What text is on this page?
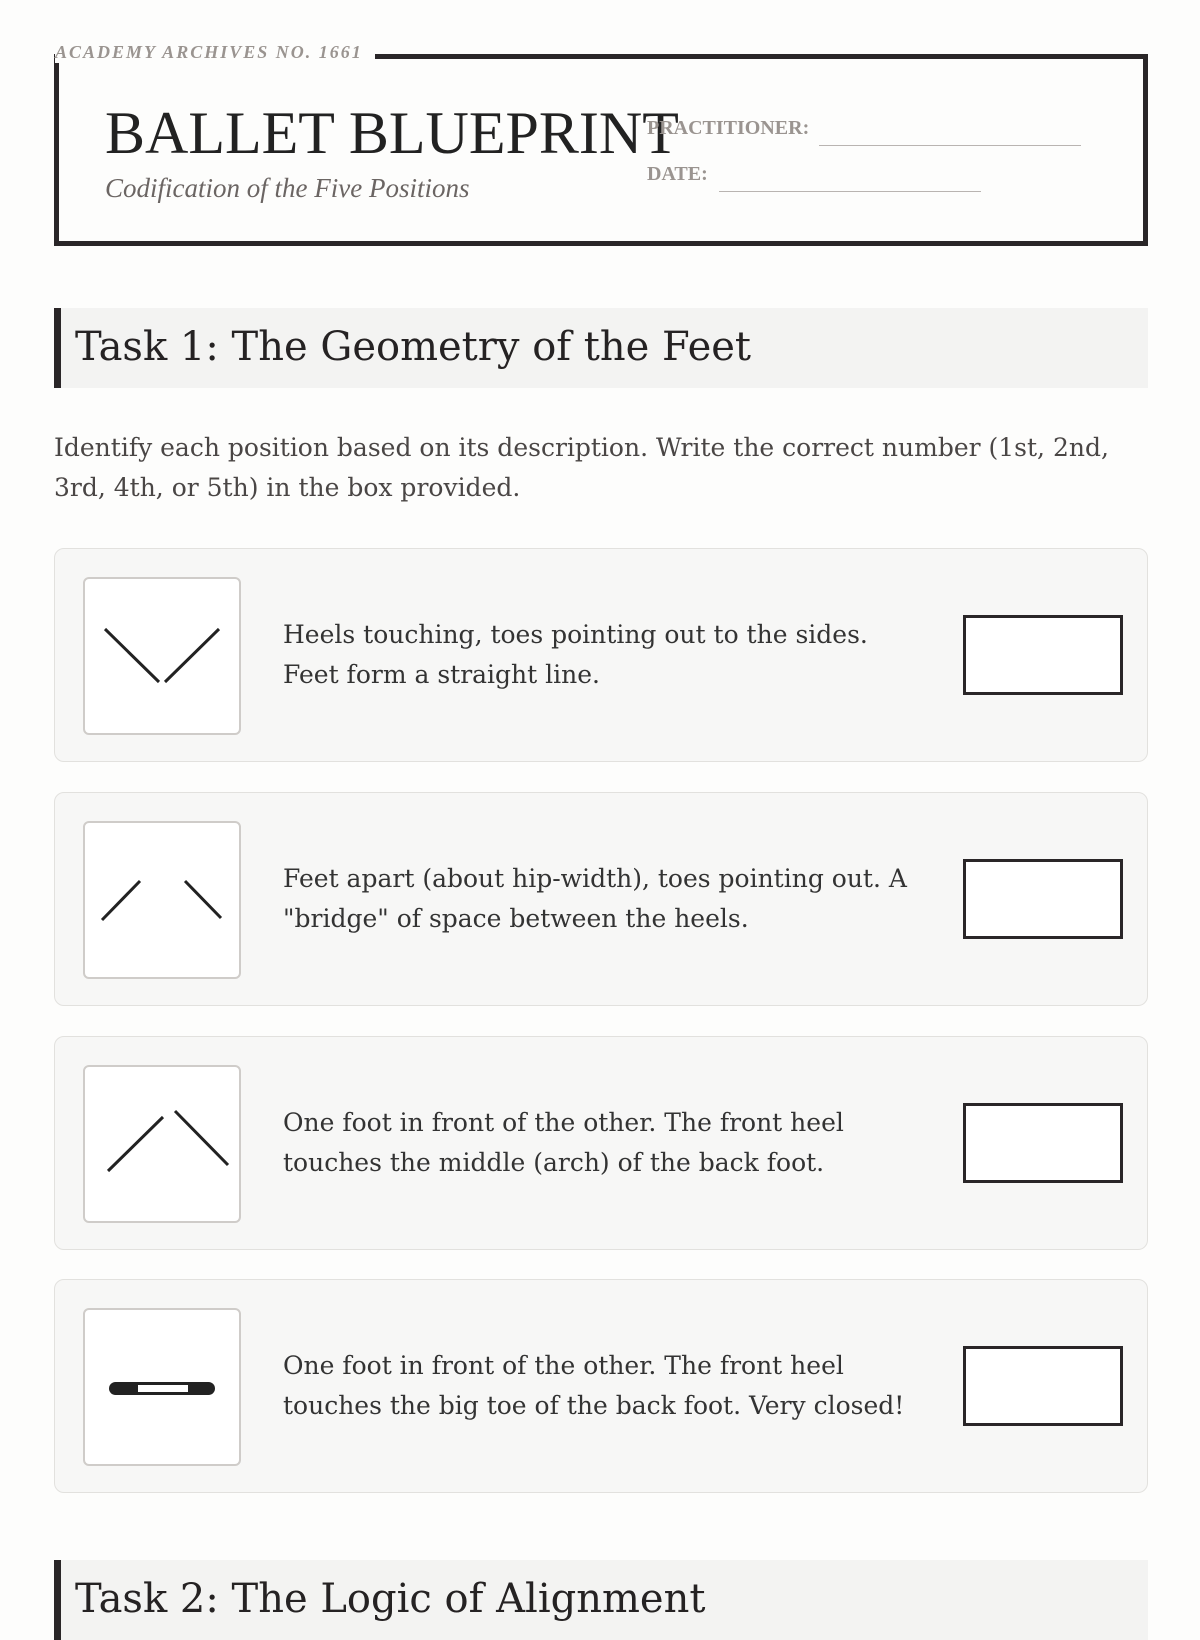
ACADEMY ARCHIVES NO. 1661
BALLET BLUEPRINT
Codification of the Five Positions
PRACTITIONER:
DATE:
Task 1: The Geometry of the Feet
Identify each position based on its description. Write the correct number (1st, 2nd, 3rd, 4th, or 5th) in the box provided.
Heels touching, toes pointing out to the sides. Feet form a straight line.
Feet apart (about hip-width), toes pointing out. A "bridge" of space between the heels.
One foot in front of the other. The front heel touches the middle (arch) of the back foot.
One foot in front of the other. The front heel touches the big toe of the back foot. Very closed!
Task 2: The Logic of Alignment
